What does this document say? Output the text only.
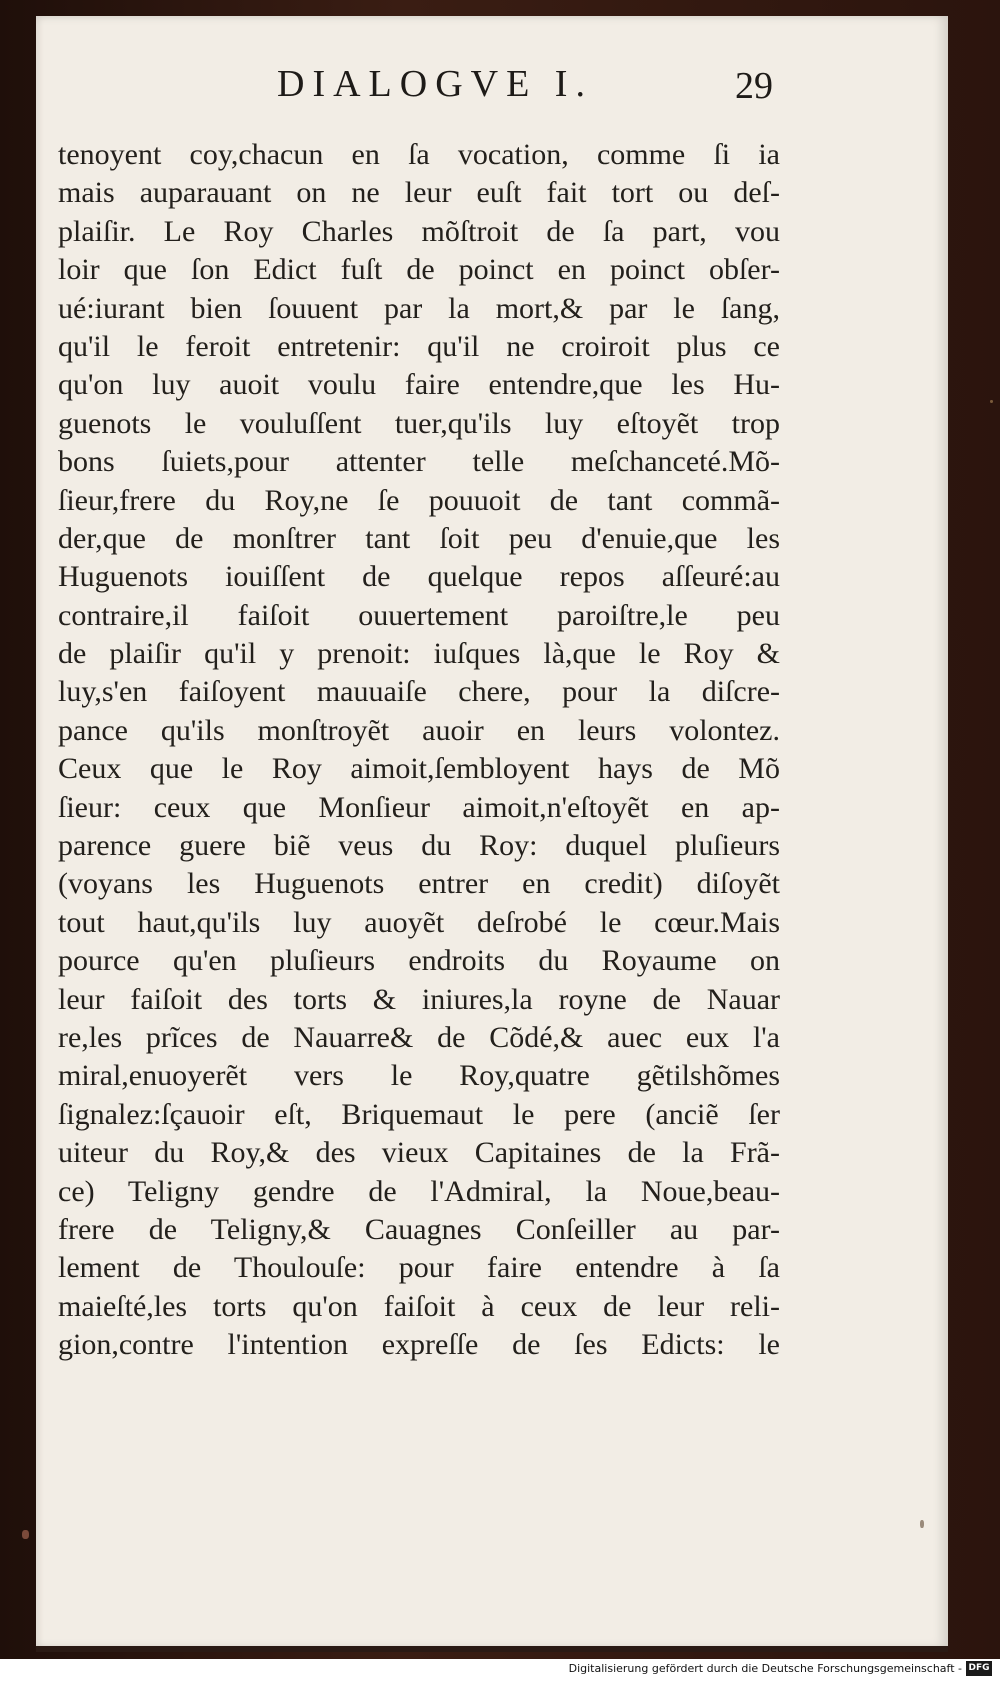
DIALOGVE I.	29
tenoyent coy,chacun en ſa vocation, comme ſi ia
mais auparauant on ne leur euſt fait tort ou deſ-
plaiſir. Le Roy Charles mõſtroit de ſa part, vou
loir que ſon Edict fuſt de poinct en poinct obſer-
ué:iurant bien ſouuent par la mort,& par le ſang,
qu'il le feroit entretenir: qu'il ne croiroit plus ce
qu'on luy auoit voulu faire entendre,que les Hu-
guenots le vouluſſent tuer,qu'ils luy eſtoyẽt trop
bons ſuiets,pour attenter telle meſchanceté.Mõ-
ſieur,frere du Roy,ne ſe pouuoit de tant commã-
der,que de monſtrer tant ſoit peu d'enuie,que les
Huguenots iouiſſent de quelque repos aſſeuré:au
contraire,il faiſoit ouuertement paroiſtre,le peu
de plaiſir qu'il y prenoit: iuſques là,que le Roy &
luy,s'en faiſoyent mauuaiſe chere, pour la diſcre-
pance qu'ils monſtroyẽt auoir en leurs volontez.
Ceux que le Roy aimoit,ſembloyent hays de Mõ
ſieur: ceux que Monſieur aimoit,n'eſtoyẽt en ap-
parence guere biẽ veus du Roy: duquel pluſieurs
(voyans les Huguenots entrer en credit) diſoyẽt
tout haut,qu'ils luy auoyẽt deſrobé le cœur.Mais
pource qu'en pluſieurs endroits du Royaume on
leur faiſoit des torts & iniures,la royne de Nauar
re,les prĩces de Nauarre& de Cõdé,& auec eux l'a
miral,enuoyerẽt vers le Roy,quatre gẽtilshõmes
ſignalez:ſçauoir eſt, Briquemaut le pere (anciẽ ſer
uiteur du Roy,& des vieux Capitaines de la Frã-
ce) Teligny gendre de l'Admiral, la Noue,beau-
frere de Teligny,& Cauagnes Conſeiller au par-
lement de Thoulouſe: pour faire entendre à ſa
maieſté,les torts qu'on faiſoit à ceux de leur reli-
gion,contre l'intention expreſſe de ſes Edicts: le
Digitalisierung gefördert durch die Deutsche Forschungsgemeinschaft - DFG
